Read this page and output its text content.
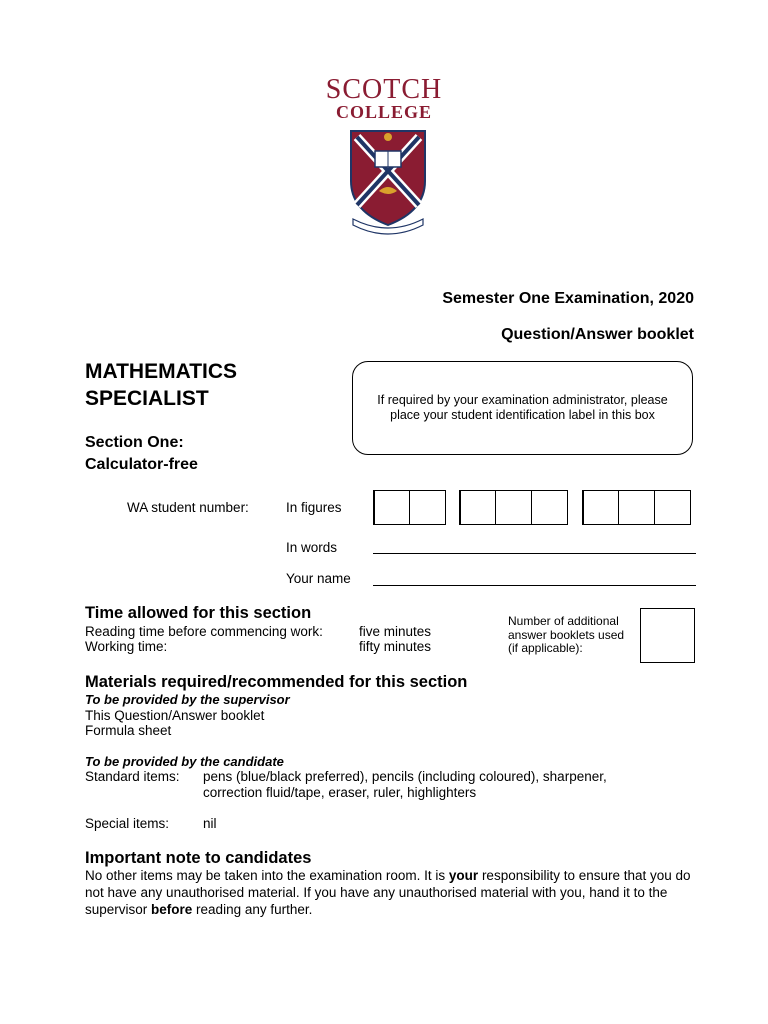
SCOTCH
COLLEGE
Semester One Examination, 2020
Question/Answer booklet
MATHEMATICS
SPECIALIST
Section One:
Calculator-free
If required by your examination administrator, please place your student identification label in this box
WA student number:	In figures
In words
Your name
Time allowed for this section
Reading time before commencing work:	five minutes
Working time:	fifty minutes
Number of additional answer booklets used (if applicable):
Materials required/recommended for this section
To be provided by the supervisor
This Question/Answer booklet
Formula sheet
To be provided by the candidate
Standard items: pens (blue/black preferred), pencils (including coloured), sharpener,
correction fluid/tape, eraser, ruler, highlighters
Special items:	nil
Important note to candidates
No other items may be taken into the examination room. It is your responsibility to ensure that you do not have any unauthorised material. If you have any unauthorised material with you, hand it to the supervisor before reading any further.
